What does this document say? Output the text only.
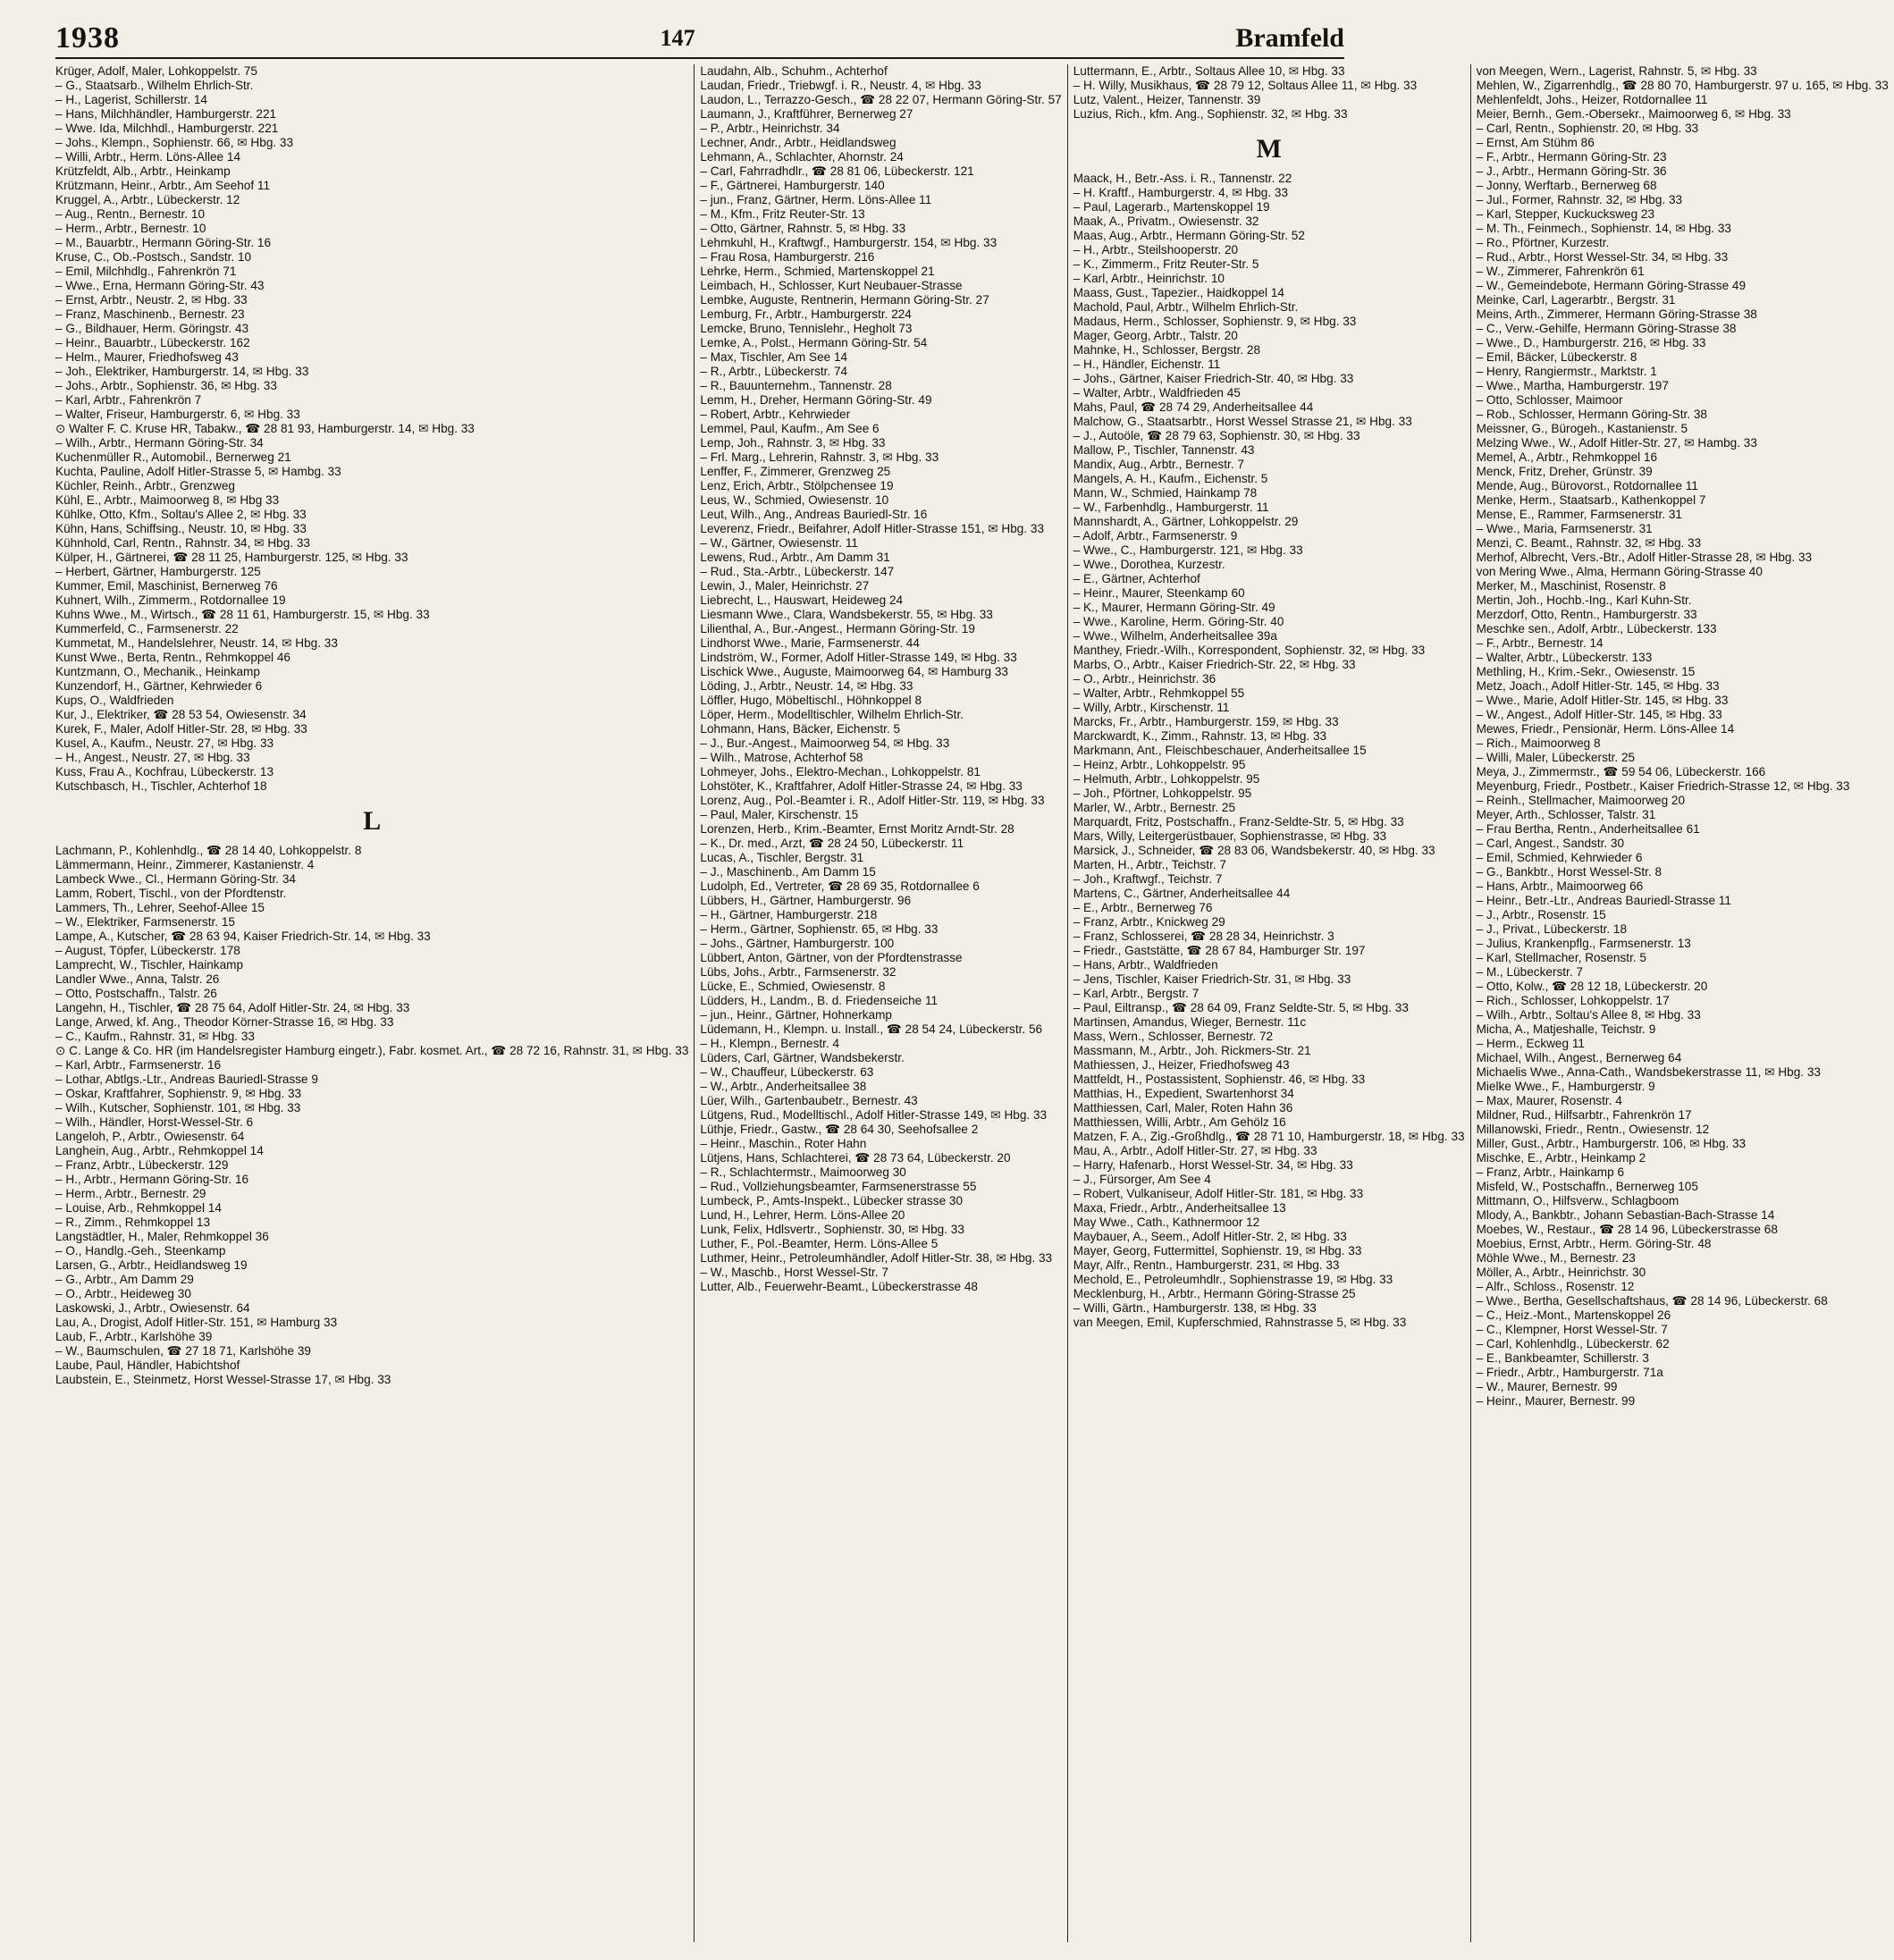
1938	147	Bramfeld
Krüger, Adolf, Maler, Lohkoppelstr. 75
– G., Staatsarb., Wilhelm Ehrlich-Str.
– H., Lagerist, Schillerstr. 14
– Hans, Milchhändler, Hamburgerstr. 221
– Wwe. Ida, Milchhdl., Hamburgerstr. 221
– Johs., Klempn., Sophienstr. 66, ✉ Hbg. 33
– Willi, Arbtr., Herm. Löns-Allee 14
Krützfeldt, Alb., Arbtr., Heinkamp
Krützmann, Heinr., Arbtr., Am Seehof 11
Kruggel, A., Arbtr., Lübeckerstr. 12
– Aug., Rentn., Bernestr. 10
– Herm., Arbtr., Bernestr. 10
– M., Bauarbtr., Hermann Göring-Str. 16
Kruse, C., Ob.-Postsch., Sandstr. 10
– Emil, Milchhdlg., Fahrenkrön 71
– Wwe., Erna, Hermann Göring-Str. 43
– Ernst, Arbtr., Neustr. 2, ✉ Hbg. 33
– Franz, Maschinenb., Bernestr. 23
– G., Bildhauer, Herm. Göringstr. 43
– Heinr., Bauarbtr., Lübeckerstr. 162
– Helm., Maurer, Friedhofsweg 43
– Joh., Elektriker, Hamburgerstr. 14, ✉ Hbg. 33
– Johs., Arbtr., Sophienstr. 36, ✉ Hbg. 33
– Karl, Arbtr., Fahrenkrön 7
– Walter, Friseur, Hamburgerstr. 6, ✉ Hbg. 33
⊙ Walter F. C. Kruse HR, Tabakw., ☎ 28 81 93, Hamburgerstr. 14, ✉ Hbg. 33
– Wilh., Arbtr., Hermann Göring-Str. 34
Kuchenmüller R., Automobil., Bernerweg 21
Kuchta, Pauline, Adolf Hitler-Strasse 5, ✉ Hambg. 33
Küchler, Reinh., Arbtr., Grenzweg
Kühl, E., Arbtr., Maimoorweg 8, ✉ Hbg 33
Kühlke, Otto, Kfm., Soltau's Allee 2, ✉ Hbg. 33
Kühn, Hans, Schiffsing., Neustr. 10, ✉ Hbg. 33
Kühnhold, Carl, Rentn., Rahnstr. 34, ✉ Hbg. 33
Külper, H., Gärtnerei, ☎ 28 11 25, Hamburgerstr. 125, ✉ Hbg. 33
– Herbert, Gärtner, Hamburgerstr. 125
Kummer, Emil, Maschinist, Bernerweg 76
Kuhnert, Wilh., Zimmerm., Rotdornallee 19
Kuhns Wwe., M., Wirtsch., ☎ 28 11 61, Hamburgerstr. 15, ✉ Hbg. 33
Kummerfeld, C., Farmsenerstr. 22
Kummetat, M., Handelslehrer, Neustr. 14, ✉ Hbg. 33
Kunst Wwe., Berta, Rentn., Rehmkoppel 46
Kuntzmann, O., Mechanik., Heinkamp
Kunzendorf, H., Gärtner, Kehrwieder 6
Kups, O., Waldfrieden
Kur, J., Elektriker, ☎ 28 53 54, Owiesenstr. 34
Kurek, F., Maler, Adolf Hitler-Str. 28, ✉ Hbg. 33
Kusel, A., Kaufm., Neustr. 27, ✉ Hbg. 33
– H., Angest., Neustr. 27, ✉ Hbg. 33
Kuss, Frau A., Kochfrau, Lübeckerstr. 13
Kutschbasch, H., Tischler, Achterhof 18
L
Lachmann, P., Kohlenhdlg., ☎ 28 14 40, Lohkoppelstr. 8
Lämmermann, Heinr., Zimmerer, Kastanienstr. 4
Lambeck Wwe., Cl., Hermann Göring-Str. 34
Lamm, Robert, Tischl., von der Pfordtenstr.
Lammers, Th., Lehrer, Seehof-Allee 15
– W., Elektriker, Farmsenerstr. 15
Lampe, A., Kutscher, ☎ 28 63 94, Kaiser Friedrich-Str. 14, ✉ Hbg. 33
– August, Töpfer, Lübeckerstr. 178
Lamprecht, W., Tischler, Hainkamp
Landler Wwe., Anna, Talstr. 26
– Otto, Postschaffn., Talstr. 26
Langehn, H., Tischler, ☎ 28 75 64, Adolf Hitler-Str. 24, ✉ Hbg. 33
Lange, Arwed, kf. Ang., Theodor Körner-Strasse 16, ✉ Hbg. 33
– C., Kaufm., Rahnstr. 31, ✉ Hbg. 33
⊙ C. Lange & Co. HR (im Handelsregister Hamburg eingetr.), Fabr. kosmet. Art., ☎ 28 72 16, Rahnstr. 31, ✉ Hbg. 33
– Karl, Arbtr., Farmsenerstr. 16
– Lothar, Abtlgs.-Ltr., Andreas Bauriedl-Strasse 9
– Oskar, Kraftfahrer, Sophienstr. 9, ✉ Hbg. 33
– Wilh., Kutscher, Sophienstr. 101, ✉ Hbg. 33
– Wilh., Händler, Horst-Wessel-Str. 6
Langeloh, P., Arbtr., Owiesenstr. 64
Langhein, Aug., Arbtr., Rehmkoppel 14
– Franz, Arbtr., Lübeckerstr. 129
– H., Arbtr., Hermann Göring-Str. 16
– Herm., Arbtr., Bernestr. 29
– Louise, Arb., Rehmkoppel 14
– R., Zimm., Rehmkoppel 13
Langstädtler, H., Maler, Rehmkoppel 36
– O., Handlg.-Geh., Steenkamp
Larsen, G., Arbtr., Heidlandsweg 19
– G., Arbtr., Am Damm 29
– O., Arbtr., Heideweg 30
Laskowski, J., Arbtr., Owiesenstr. 64
Lau, A., Drogist, Adolf Hitler-Str. 151, ✉ Hamburg 33
Laub, F., Arbtr., Karlshöhe 39
– W., Baumschulen, ☎ 27 18 71, Karlshöhe 39
Laube, Paul, Händler, Habichtshof
Laubstein, E., Steinmetz, Horst Wessel-Strasse 17, ✉ Hbg. 33
Laudahn, Alb., Schuhm., Achterhof
Laudan, Friedr., Triebwgf. i. R., Neustr. 4, ✉ Hbg. 33
Laudon, L., Terrazzo-Gesch., ☎ 28 22 07, Hermann Göring-Str. 57
Laumann, J., Kraftführer, Bernerweg 27
– P., Arbtr., Heinrichstr. 34
Lechner, Andr., Arbtr., Heidlandsweg
Lehmann, A., Schlachter, Ahornstr. 24
– Carl, Fahrradhdlr., ☎ 28 81 06, Lübeckerstr. 121
– F., Gärtnerei, Hamburgerstr. 140
– jun., Franz, Gärtner, Herm. Löns-Allee 11
– M., Kfm., Fritz Reuter-Str. 13
– Otto, Gärtner, Rahnstr. 5, ✉ Hbg. 33
Lehmkuhl, H., Kraftwgf., Hamburgerstr. 154, ✉ Hbg. 33
– Frau Rosa, Hamburgerstr. 216
Lehrke, Herm., Schmied, Martenskoppel 21
Leimbach, H., Schlosser, Kurt Neubauer-Strasse
Lembke, Auguste, Rentnerin, Hermann Göring-Str. 27
Lemburg, Fr., Arbtr., Hamburgerstr. 224
Lemcke, Bruno, Tennislehr., Hegholt 73
Lemke, A., Polst., Hermann Göring-Str. 54
– Max, Tischler, Am See 14
– R., Arbtr., Lübeckerstr. 74
– R., Bauunternehm., Tannenstr. 28
Lemm, H., Dreher, Hermann Göring-Str. 49
– Robert, Arbtr., Kehrwieder
Lemmel, Paul, Kaufm., Am See 6
Lemp, Joh., Rahnstr. 3, ✉ Hbg. 33
– Frl. Marg., Lehrerin, Rahnstr. 3, ✉ Hbg. 33
Lenffer, F., Zimmerer, Grenzweg 25
Lenz, Erich, Arbtr., Stölpchensee 19
Leus, W., Schmied, Owiesenstr. 10
Leut, Wilh., Ang., Andreas Bauriedl-Str. 16
Leverenz, Friedr., Beifahrer, Adolf Hitler-Strasse 151, ✉ Hbg. 33
– W., Gärtner, Owiesenstr. 11
Lewens, Rud., Arbtr., Am Damm 31
– Rud., Sta.-Arbtr., Lübeckerstr. 147
Lewin, J., Maler, Heinrichstr. 27
Liebrecht, L., Hauswart, Heideweg 24
Liesmann Wwe., Clara, Wandsbekerstr. 55, ✉ Hbg. 33
Lilienthal, A., Bur.-Angest., Hermann Göring-Str. 19
Lindhorst Wwe., Marie, Farmsenerstr. 44
Lindström, W., Former, Adolf Hitler-Strasse 149, ✉ Hbg. 33
Lischick Wwe., Auguste, Maimoorweg 64, ✉ Hamburg 33
Löding, J., Arbtr., Neustr. 14, ✉ Hbg. 33
Löffler, Hugo, Möbeltischl., Höhnkoppel 8
Löper, Herm., Modelltischler, Wilhelm Ehrlich-Str.
Lohmann, Hans, Bäcker, Eichenstr. 5
– J., Bur.-Angest., Maimoorweg 54, ✉ Hbg. 33
– Wilh., Matrose, Achterhof 58
Lohmeyer, Johs., Elektro-Mechan., Lohkoppelstr. 81
Lohstöter, K., Kraftfahrer, Adolf Hitler-Strasse 24, ✉ Hbg. 33
Lorenz, Aug., Pol.-Beamter i. R., Adolf Hitler-Str. 119, ✉ Hbg. 33
– Paul, Maler, Kirschenstr. 15
Lorenzen, Herb., Krim.-Beamter, Ernst Moritz Arndt-Str. 28
– K., Dr. med., Arzt, ☎ 28 24 50, Lübeckerstr. 11
Lucas, A., Tischler, Bergstr. 31
– J., Maschinenb., Am Damm 15
Ludolph, Ed., Vertreter, ☎ 28 69 35, Rotdornallee 6
Lübbers, H., Gärtner, Hamburgerstr. 96
– H., Gärtner, Hamburgerstr. 218
– Herm., Gärtner, Sophienstr. 65, ✉ Hbg. 33
– Johs., Gärtner, Hamburgerstr. 100
Lübbert, Anton, Gärtner, von der Pfordtenstrasse
Lübs, Johs., Arbtr., Farmsenerstr. 32
Lücke, E., Schmied, Owiesenstr. 8
Lüdders, H., Landm., B. d. Friedenseiche 11
– jun., Heinr., Gärtner, Hohnerkamp
Lüdemann, H., Klempn. u. Install., ☎ 28 54 24, Lübeckerstr. 56
– H., Klempn., Bernestr. 4
Lüders, Carl, Gärtner, Wandsbekerstr.
– W., Chauffeur, Lübeckerstr. 63
– W., Arbtr., Anderheitsallee 38
Lüer, Wilh., Gartenbaubetr., Bernestr. 43
Lütgens, Rud., Modelltischl., Adolf Hitler-Strasse 149, ✉ Hbg. 33
Lüthje, Friedr., Gastw., ☎ 28 64 30, Seehofsallee 2
– Heinr., Maschin., Roter Hahn
Lütjens, Hans, Schlachterei, ☎ 28 73 64, Lübeckerstr. 20
– R., Schlachtermstr., Maimoorweg 30
– Rud., Vollziehungsbeamter, Farmsenerstrasse 55
Lumbeck, P., Amts-Inspekt., Lübecker strasse 30
Lund, H., Lehrer, Herm. Löns-Allee 20
Lunk, Felix, Hdlsvertr., Sophienstr. 30, ✉ Hbg. 33
Luther, F., Pol.-Beamter, Herm. Löns-Allee 5
Luthmer, Heinr., Petroleumhändler, Adolf Hitler-Str. 38, ✉ Hbg. 33
– W., Maschb., Horst Wessel-Str. 7
Lutter, Alb., Feuerwehr-Beamt., Lübeckerstrasse 48
Luttermann, E., Arbtr., Soltaus Allee 10, ✉ Hbg. 33
– H. Willy, Musikhaus, ☎ 28 79 12, Soltaus Allee 11, ✉ Hbg. 33
Lutz, Valent., Heizer, Tannenstr. 39
Luzius, Rich., kfm. Ang., Sophienstr. 32, ✉ Hbg. 33
M
Maack, H., Betr.-Ass. i. R., Tannenstr. 22
– H. Kraftf., Hamburgerstr. 4, ✉ Hbg. 33
– Paul, Lagerarb., Martenskoppel 19
Maak, A., Privatm., Owiesenstr. 32
Maas, Aug., Arbtr., Hermann Göring-Str. 52
– H., Arbtr., Steilshooperstr. 20
– K., Zimmerm., Fritz Reuter-Str. 5
– Karl, Arbtr., Heinrichstr. 10
Maass, Gust., Tapezier., Haidkoppel 14
Machold, Paul, Arbtr., Wilhelm Ehrlich-Str.
Madaus, Herm., Schlosser, Sophienstr. 9, ✉ Hbg. 33
Mager, Georg, Arbtr., Talstr. 20
Mahnke, H., Schlosser, Bergstr. 28
– H., Händler, Eichenstr. 11
– Johs., Gärtner, Kaiser Friedrich-Str. 40, ✉ Hbg. 33
– Walter, Arbtr., Waldfrieden 45
Mahs, Paul, ☎ 28 74 29, Anderheitsallee 44
Malchow, G., Staatsarbtr., Horst Wessel Strasse 21, ✉ Hbg. 33
– J., Autoöle, ☎ 28 79 63, Sophienstr. 30, ✉ Hbg. 33
Mallow, P., Tischler, Tannenstr. 43
Mandix, Aug., Arbtr., Bernestr. 7
Mangels, A. H., Kaufm., Eichenstr. 5
Mann, W., Schmied, Hainkamp 78
– W., Farbenhdlg., Hamburgerstr. 11
Mannshardt, A., Gärtner, Lohkoppelstr. 29
– Adolf, Arbtr., Farmsenerstr. 9
– Wwe., C., Hamburgerstr. 121, ✉ Hbg. 33
– Wwe., Dorothea, Kurzestr.
– E., Gärtner, Achterhof
– Heinr., Maurer, Steenkamp 60
– K., Maurer, Hermann Göring-Str. 49
– Wwe., Karoline, Herm. Göring-Str. 40
– Wwe., Wilhelm, Anderheitsallee 39a
Manthey, Friedr.-Wilh., Korrespondent, Sophienstr. 32, ✉ Hbg. 33
Marbs, O., Arbtr., Kaiser Friedrich-Str. 22, ✉ Hbg. 33
– O., Arbtr., Heinrichstr. 36
– Walter, Arbtr., Rehmkoppel 55
– Willy, Arbtr., Kirschenstr. 11
Marcks, Fr., Arbtr., Hamburgerstr. 159, ✉ Hbg. 33
Marckwardt, K., Zimm., Rahnstr. 13, ✉ Hbg. 33
Markmann, Ant., Fleischbeschauer, Anderheitsallee 15
– Heinz, Arbtr., Lohkoppelstr. 95
– Helmuth, Arbtr., Lohkoppelstr. 95
– Joh., Pförtner, Lohkoppelstr. 95
Marler, W., Arbtr., Bernestr. 25
Marquardt, Fritz, Postschaffn., Franz-Seldte-Str. 5, ✉ Hbg. 33
Mars, Willy, Leitergerüstbauer, Sophienstrasse, ✉ Hbg. 33
Marsick, J., Schneider, ☎ 28 83 06, Wandsbekerstr. 40, ✉ Hbg. 33
Marten, H., Arbtr., Teichstr. 7
– Joh., Kraftwgf., Teichstr. 7
Martens, C., Gärtner, Anderheitsallee 44
– E., Arbtr., Bernerweg 76
– Franz, Arbtr., Knickweg 29
– Franz, Schlosserei, ☎ 28 28 34, Heinrichstr. 3
– Friedr., Gaststätte, ☎ 28 67 84, Hamburger Str. 197
– Hans, Arbtr., Waldfrieden
– Jens, Tischler, Kaiser Friedrich-Str. 31, ✉ Hbg. 33
– Karl, Arbtr., Bergstr. 7
– Paul, Eiltransp., ☎ 28 64 09, Franz Seldte-Str. 5, ✉ Hbg. 33
Martinsen, Amandus, Wieger, Bernestr. 11c
Mass, Wern., Schlosser, Bernestr. 72
Massmann, M., Arbtr., Joh. Rickmers-Str. 21
Mathiessen, J., Heizer, Friedhofsweg 43
Mattfeldt, H., Postassistent, Sophienstr. 46, ✉ Hbg. 33
Matthias, H., Expedient, Swartenhorst 34
Matthiessen, Carl, Maler, Roten Hahn 36
Matthiessen, Willi, Arbtr., Am Gehölz 16
Matzen, F. A., Zig.-Großhdlg., ☎ 28 71 10, Hamburgerstr. 18, ✉ Hbg. 33
Mau, A., Arbtr., Adolf Hitler-Str. 27, ✉ Hbg. 33
– Harry, Hafenarb., Horst Wessel-Str. 34, ✉ Hbg. 33
– J., Fürsorger, Am See 4
– Robert, Vulkaniseur, Adolf Hitler-Str. 181, ✉ Hbg. 33
Maxa, Friedr., Arbtr., Anderheitsallee 13
May Wwe., Cath., Kathnermoor 12
Maybauer, A., Seem., Adolf Hitler-Str. 2, ✉ Hbg. 33
Mayer, Georg, Futtermittel, Sophienstr. 19, ✉ Hbg. 33
Mayr, Alfr., Rentn., Hamburgerstr. 231, ✉ Hbg. 33
Mechold, E., Petroleumhdlr., Sophienstrasse 19, ✉ Hbg. 33
Mecklenburg, H., Arbtr., Hermann Göring-Strasse 25
– Willi, Gärtn., Hamburgerstr. 138, ✉ Hbg. 33
van Meegen, Emil, Kupferschmied, Rahnstrasse 5, ✉ Hbg. 33
von Meegen, Wern., Lagerist, Rahnstr. 5, ✉ Hbg. 33
Mehlen, W., Zigarrenhdlg., ☎ 28 80 70, Hamburgerstr. 97 u. 165, ✉ Hbg. 33
Mehlenfeldt, Johs., Heizer, Rotdornallee 11
Meier, Bernh., Gem.-Obersekr., Maimoorweg 6, ✉ Hbg. 33
– Carl, Rentn., Sophienstr. 20, ✉ Hbg. 33
– Ernst, Am Stühm 86
– F., Arbtr., Hermann Göring-Str. 23
– J., Arbtr., Hermann Göring-Str. 36
– Jonny, Werftarb., Bernerweg 68
– Jul., Former, Rahnstr. 32, ✉ Hbg. 33
– Karl, Stepper, Kuckucksweg 23
– M. Th., Feinmech., Sophienstr. 14, ✉ Hbg. 33
– Ro., Pförtner, Kurzestr.
– Rud., Arbtr., Horst Wessel-Str. 34, ✉ Hbg. 33
– W., Zimmerer, Fahrenkrön 61
– W., Gemeindebote, Hermann Göring-Strasse 49
Meinke, Carl, Lagerarbtr., Bergstr. 31
Meins, Arth., Zimmerer, Hermann Göring-Strasse 38
– C., Verw.-Gehilfe, Hermann Göring-Strasse 38
– Wwe., D., Hamburgerstr. 216, ✉ Hbg. 33
– Emil, Bäcker, Lübeckerstr. 8
– Henry, Rangiermstr., Marktstr. 1
– Wwe., Martha, Hamburgerstr. 197
– Otto, Schlosser, Maimoor
– Rob., Schlosser, Hermann Göring-Str. 38
Meissner, G., Bürogeh., Kastanienstr. 5
Melzing Wwe., W., Adolf Hitler-Str. 27, ✉ Hambg. 33
Memel, A., Arbtr., Rehmkoppel 16
Menck, Fritz, Dreher, Grünstr. 39
Mende, Aug., Bürovorst., Rotdornallee 11
Menke, Herm., Staatsarb., Kathenkoppel 7
Mense, E., Rammer, Farmsenerstr. 31
– Wwe., Maria, Farmsenerstr. 31
Menzi, C. Beamt., Rahnstr. 32, ✉ Hbg. 33
Merhof, Albrecht, Vers.-Btr., Adolf Hitler-Strasse 28, ✉ Hbg. 33
von Mering Wwe., Alma, Hermann Göring-Strasse 40
Merker, M., Maschinist, Rosenstr. 8
Mertin, Joh., Hochb.-Ing., Karl Kuhn-Str.
Merzdorf, Otto, Rentn., Hamburgerstr. 33
Meschke sen., Adolf, Arbtr., Lübeckerstr. 133
– F., Arbtr., Bernestr. 14
– Walter, Arbtr., Lübeckerstr. 133
Methling, H., Krim.-Sekr., Owiesenstr. 15
Metz, Joach., Adolf Hitler-Str. 145, ✉ Hbg. 33
– Wwe., Marie, Adolf Hitler-Str. 145, ✉ Hbg. 33
– W., Angest., Adolf Hitler-Str. 145, ✉ Hbg. 33
Mewes, Friedr., Pensionär, Herm. Löns-Allee 14
– Rich., Maimoorweg 8
– Willi, Maler, Lübeckerstr. 25
Meya, J., Zimmermstr., ☎ 59 54 06, Lübeckerstr. 166
Meyenburg, Friedr., Postbetr., Kaiser Friedrich-Strasse 12, ✉ Hbg. 33
– Reinh., Stellmacher, Maimoorweg 20
Meyer, Arth., Schlosser, Talstr. 31
– Frau Bertha, Rentn., Anderheitsallee 61
– Carl, Angest., Sandstr. 30
– Emil, Schmied, Kehrwieder 6
– G., Bankbtr., Horst Wessel-Str. 8
– Hans, Arbtr., Maimoorweg 66
– Heinr., Betr.-Ltr., Andreas Bauriedl-Strasse 11
– J., Arbtr., Rosenstr. 15
– J., Privat., Lübeckerstr. 18
– Julius, Krankenpflg., Farmsenerstr. 13
– Karl, Stellmacher, Rosenstr. 5
– M., Lübeckerstr. 7
– Otto, Kolw., ☎ 28 12 18, Lübeckerstr. 20
– Rich., Schlosser, Lohkoppelstr. 17
– Wilh., Arbtr., Soltau's Allee 8, ✉ Hbg. 33
Micha, A., Matjeshalle, Teichstr. 9
– Herm., Eckweg 11
Michael, Wilh., Angest., Bernerweg 64
Michaelis Wwe., Anna-Cath., Wandsbekerstrasse 11, ✉ Hbg. 33
Mielke Wwe., F., Hamburgerstr. 9
– Max, Maurer, Rosenstr. 4
Mildner, Rud., Hilfsarbtr., Fahrenkrön 17
Millanowski, Friedr., Rentn., Owiesenstr. 12
Miller, Gust., Arbtr., Hamburgerstr. 106, ✉ Hbg. 33
Mischke, E., Arbtr., Heinkamp 2
– Franz, Arbtr., Hainkamp 6
Misfeld, W., Postschaffn., Bernerweg 105
Mittmann, O., Hilfsverw., Schlagboom
Mlody, A., Bankbtr., Johann Sebastian-Bach-Strasse 14
Moebes, W., Restaur., ☎ 28 14 96, Lübeckerstrasse 68
Moebius, Ernst, Arbtr., Herm. Göring-Str. 48
Möhle Wwe., M., Bernestr. 23
Möller, A., Arbtr., Heinrichstr. 30
– Alfr., Schloss., Rosenstr. 12
– Wwe., Bertha, Gesellschaftshaus, ☎ 28 14 96, Lübeckerstr. 68
– C., Heiz.-Mont., Martenskoppel 26
– C., Klempner, Horst Wessel-Str. 7
– Carl, Kohlenhdlg., Lübeckerstr. 62
– E., Bankbeamter, Schillerstr. 3
– Friedr., Arbtr., Hamburgerstr. 71a
– W., Maurer, Bernestr. 99
– Heinr., Maurer, Bernestr. 99
